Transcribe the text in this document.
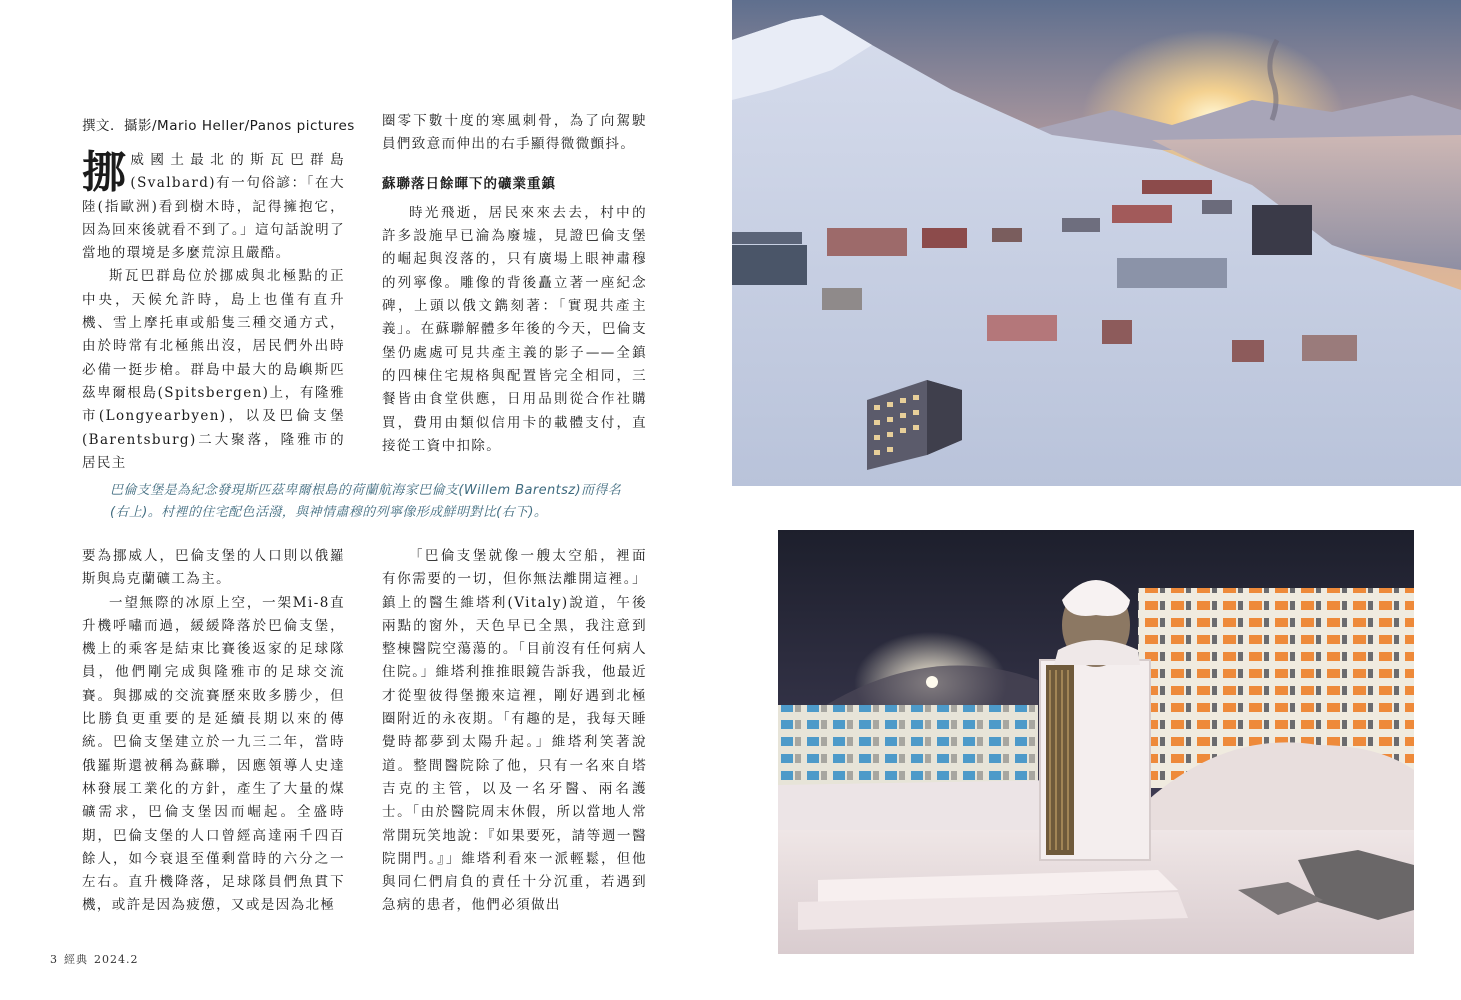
撰文．攝影/Mario Heller/Panos pictures
挪 威國土最北的斯瓦巴群島(Svalbard)有一句俗諺：「在大陸(指歐洲)看到樹木時，記得擁抱它，因為回來後就看不到了。」這句話說明了當地的環境是多麼荒涼且嚴酷。

斯瓦巴群島位於挪威與北極點的正中央，天候允許時，島上也僅有直升機、雪上摩托車或船隻三種交通方式，由於時常有北極熊出沒，居民們外出時必備一挺步槍。群島中最大的島嶼斯匹茲卑爾根島(Spitsbergen)上，有隆雅市(Longyearbyen)，以及巴倫支堡(Barentsburg)二大聚落，隆雅市的居民主

圈零下數十度的寒風刺骨，為了向駕駛員們致意而伸出的右手顯得微微顫抖。

蘇聯落日餘暉下的礦業重鎮

時光飛逝，居民來來去去，村中的許多設施早已淪為廢墟，見證巴倫支堡的崛起與沒落的，只有廣場上眼神肅穆的列寧像。雕像的背後矗立著一座紀念碑，上頭以俄文鐫刻著：「實現共產主義」。在蘇聯解體多年後的今天，巴倫支堡仍處處可見共產主義的影子——全鎮的四棟住宅規格與配置皆完全相同，三餐皆由食堂供應，日用品則從合作社購買，費用由類似信用卡的載體支付，直接從工資中扣除。

巴倫支堡是為紀念發現斯匹茲卑爾根島的荷蘭航海家巴倫支(Willem Barentsz)而得名(右上)。村裡的住宅配色活潑，與神情肅穆的列寧像形成鮮明對比(右下)。

要為挪威人，巴倫支堡的人口則以俄羅斯與烏克蘭礦工為主。

一望無際的冰原上空，一架Mi-8直升機呼嘯而過，緩緩降落於巴倫支堡，機上的乘客是結束比賽後返家的足球隊員，他們剛完成與隆雅市的足球交流賽。與挪威的交流賽歷來敗多勝少，但比勝負更重要的是延續長期以來的傳統。巴倫支堡建立於一九三二年，當時俄羅斯還被稱為蘇聯，因應領導人史達林發展工業化的方針，產生了大量的煤礦需求，巴倫支堡因而崛起。全盛時期，巴倫支堡的人口曾經高達兩千四百餘人，如今衰退至僅剩當時的六分之一左右。直升機降落，足球隊員們魚貫下機，或許是因為疲憊，又或是因為北極

「巴倫支堡就像一艘太空船，裡面有你需要的一切，但你無法離開這裡。」鎮上的醫生維塔利(Vitaly)說道，午後兩點的窗外，天色早已全黑，我注意到整棟醫院空蕩蕩的。「目前沒有任何病人住院。」維塔利推推眼鏡告訴我，他最近才從聖彼得堡搬來這裡，剛好遇到北極圈附近的永夜期。「有趣的是，我每天睡覺時都夢到太陽升起。」維塔利笑著說道。整間醫院除了他，只有一名來自塔吉克的主管，以及一名牙醫、兩名護士。「由於醫院周末休假，所以當地人常常開玩笑地說：『如果要死，請等週一醫院開門。』」維塔利看來一派輕鬆，但他與同仁們肩負的責任十分沉重，若遇到急病的患者，他們必須做出

3 經典 2024.2
